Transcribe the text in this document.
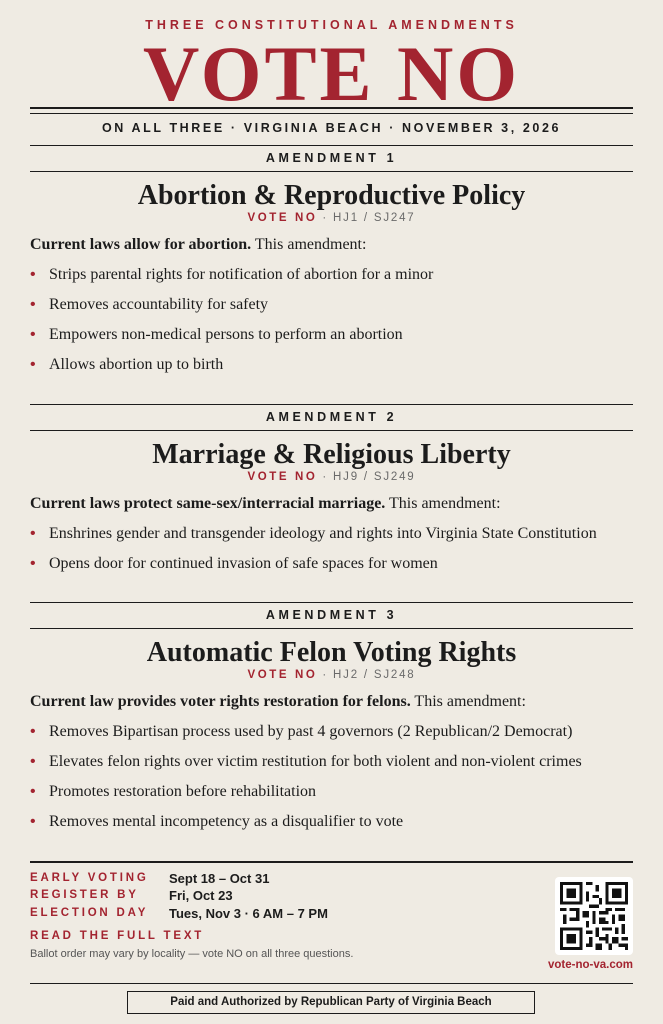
THREE CONSTITUTIONAL AMENDMENTS
VOTE NO
ON ALL THREE · VIRGINIA BEACH · NOVEMBER 3, 2026
AMENDMENT 1
Abortion & Reproductive Policy
VOTE NO · HJ1 / SJ247
Current laws allow for abortion. This amendment:
• Strips parental rights for notification of abortion for a minor
• Removes accountability for safety
• Empowers non-medical persons to perform an abortion
• Allows abortion up to birth
AMENDMENT 2
Marriage & Religious Liberty
VOTE NO · HJ9 / SJ249
Current laws protect same-sex/interracial marriage. This amendment:
• Enshrines gender and transgender ideology and rights into Virginia State Constitution
• Opens door for continued invasion of safe spaces for women
AMENDMENT 3
Automatic Felon Voting Rights
VOTE NO · HJ2 / SJ248
Current law provides voter rights restoration for felons. This amendment:
• Removes Bipartisan process used by past 4 governors (2 Republican/2 Democrat)
• Elevates felon rights over victim restitution for both violent and non-violent crimes
• Promotes restoration before rehabilitation
• Removes mental incompetency as a disqualifier to vote
EARLY VOTING	Sept 18 – Oct 31
REGISTER BY	Fri, Oct 23
ELECTION DAY	Tues, Nov 3 · 6 AM – 7 PM
READ THE FULL TEXT
Ballot order may vary by locality — vote NO on all three questions.
vote-no-va.com
Paid and Authorized by Republican Party of Virginia Beach
